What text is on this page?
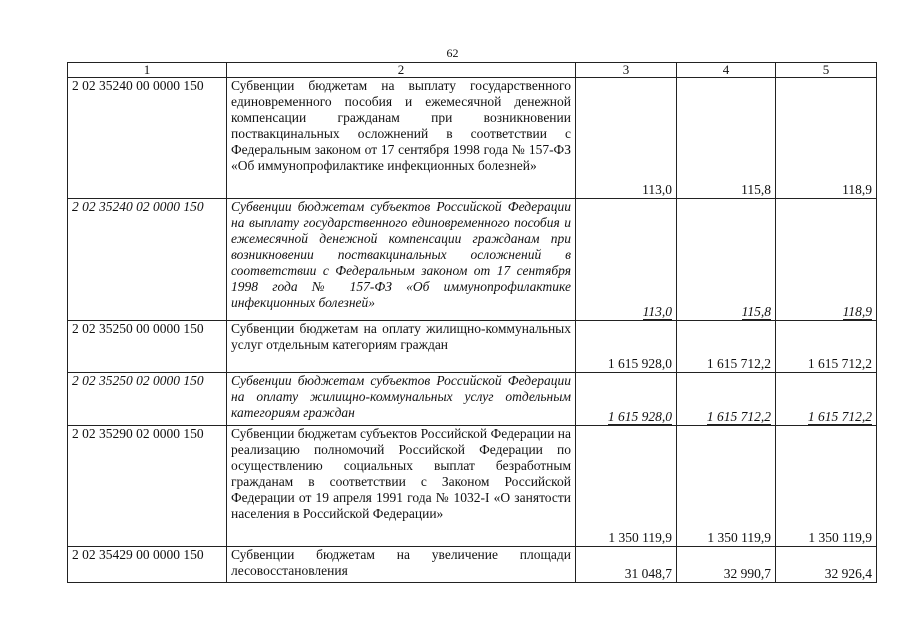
62
1	2	3	4	5
2 02 35240 00 0000 150	Субвенции бюджетам на выплату государственного единовременного пособия и ежемесячной денежной компенсации гражданам при возникновении поствакцинальных осложнений в соответствии с Федеральным законом от 17 сентября 1998 года № 157-ФЗ «Об иммунопрофилактике инфекционных болезней»	113,0	115,8	118,9
2 02 35240 02 0000 150	Субвенции бюджетам субъектов Российской Федерации на выплату государственного единовременного пособия и ежемесячной денежной компенсации гражданам при возникновении поствакцинальных осложнений в соответствии с Федеральным законом от 17 сентября 1998 года № 157-ФЗ «Об иммунопрофилактике инфекционных болезней»	113,0	115,8	118,9
2 02 35250 00 0000 150	Субвенции бюджетам на оплату жилищно-коммунальных услуг отдельным категориям граждан	1 615 928,0	1 615 712,2	1 615 712,2
2 02 35250 02 0000 150	Субвенции бюджетам субъектов Российской Федерации на оплату жилищно-коммунальных услуг отдельным категориям граждан	1 615 928,0	1 615 712,2	1 615 712,2
2 02 35290 02 0000 150	Субвенции бюджетам субъектов Российской Федерации на реализацию полномочий Российской Федерации по осуществлению социальных выплат безработным гражданам в соответствии с Законом Российской Федерации от 19 апреля 1991 года № 1032-I «О занятости населения в Российской Федерации»	1 350 119,9	1 350 119,9	1 350 119,9
2 02 35429 00 0000 150	Субвенции бюджетам на увеличение площади лесовосстановления	31 048,7	32 990,7	32 926,4
